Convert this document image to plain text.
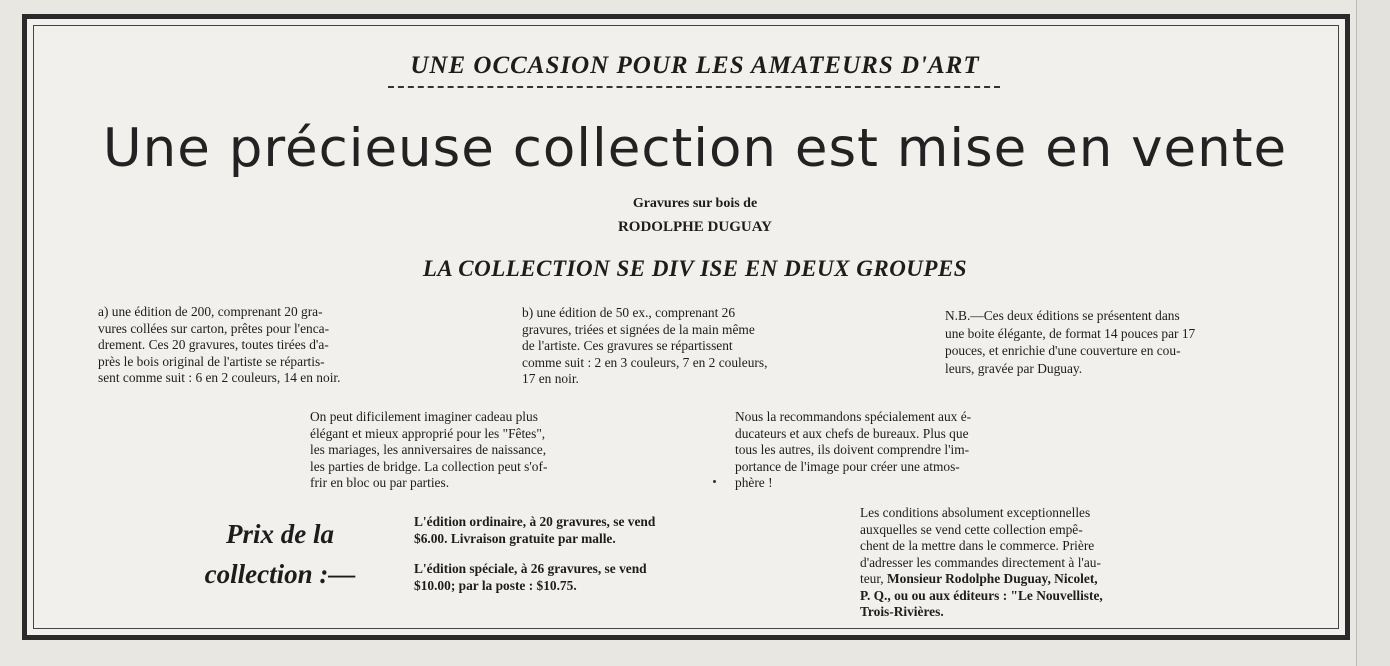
UNE OCCASION POUR LES AMATEURS D'ART
Une précieuse collection est mise en vente
Gravures sur bois de
RODOLPHE DUGUAY
LA COLLECTION SE DIV ISE EN DEUX GROUPES
a) une édition de 200, comprenant 20 gra-
vures collées sur carton, prêtes pour l'enca-
drement. Ces 20 gravures, toutes tirées d'a-
près le bois original de l'artiste se répartis-
sent comme suit : 6 en 2 couleurs, 14 en noir.
b) une édition de 50 ex., comprenant 26
gravures, triées et signées de la main même
de l'artiste. Ces gravures se répartissent
comme suit : 2 en 3 couleurs, 7 en 2 couleurs,
17 en noir.
N.B.—Ces deux éditions se présentent dans
une boite élégante, de format 14 pouces par 17
pouces, et enrichie d'une couverture en cou-
leurs, gravée par Duguay.
On peut dificilement imaginer cadeau plus
élégant et mieux approprié pour les "Fêtes",
les mariages, les anniversaires de naissance,
les parties de bridge. La collection peut s'of-
frir en bloc ou par parties.
Nous la recommandons spécialement aux é-
ducateurs et aux chefs de bureaux. Plus que
tous les autres, ils doivent comprendre l'im-
portance de l'image pour créer une atmos-
phère !
Prix de la
collection :—
L'édition ordinaire, à 20 gravures, se vend
$6.00. Livraison gratuite par malle.
L'édition spéciale, à 26 gravures, se vend
$10.00; par la poste : $10.75.
Les conditions absolument exceptionnelles
auxquelles se vend cette collection empê-
chent de la mettre dans le commerce. Prière
d'adresser les commandes directement à l'au-
teur, Monsieur Rodolphe Duguay, Nicolet,
P. Q., ou ou aux éditeurs : "Le Nouvelliste,
Trois-Rivières.
